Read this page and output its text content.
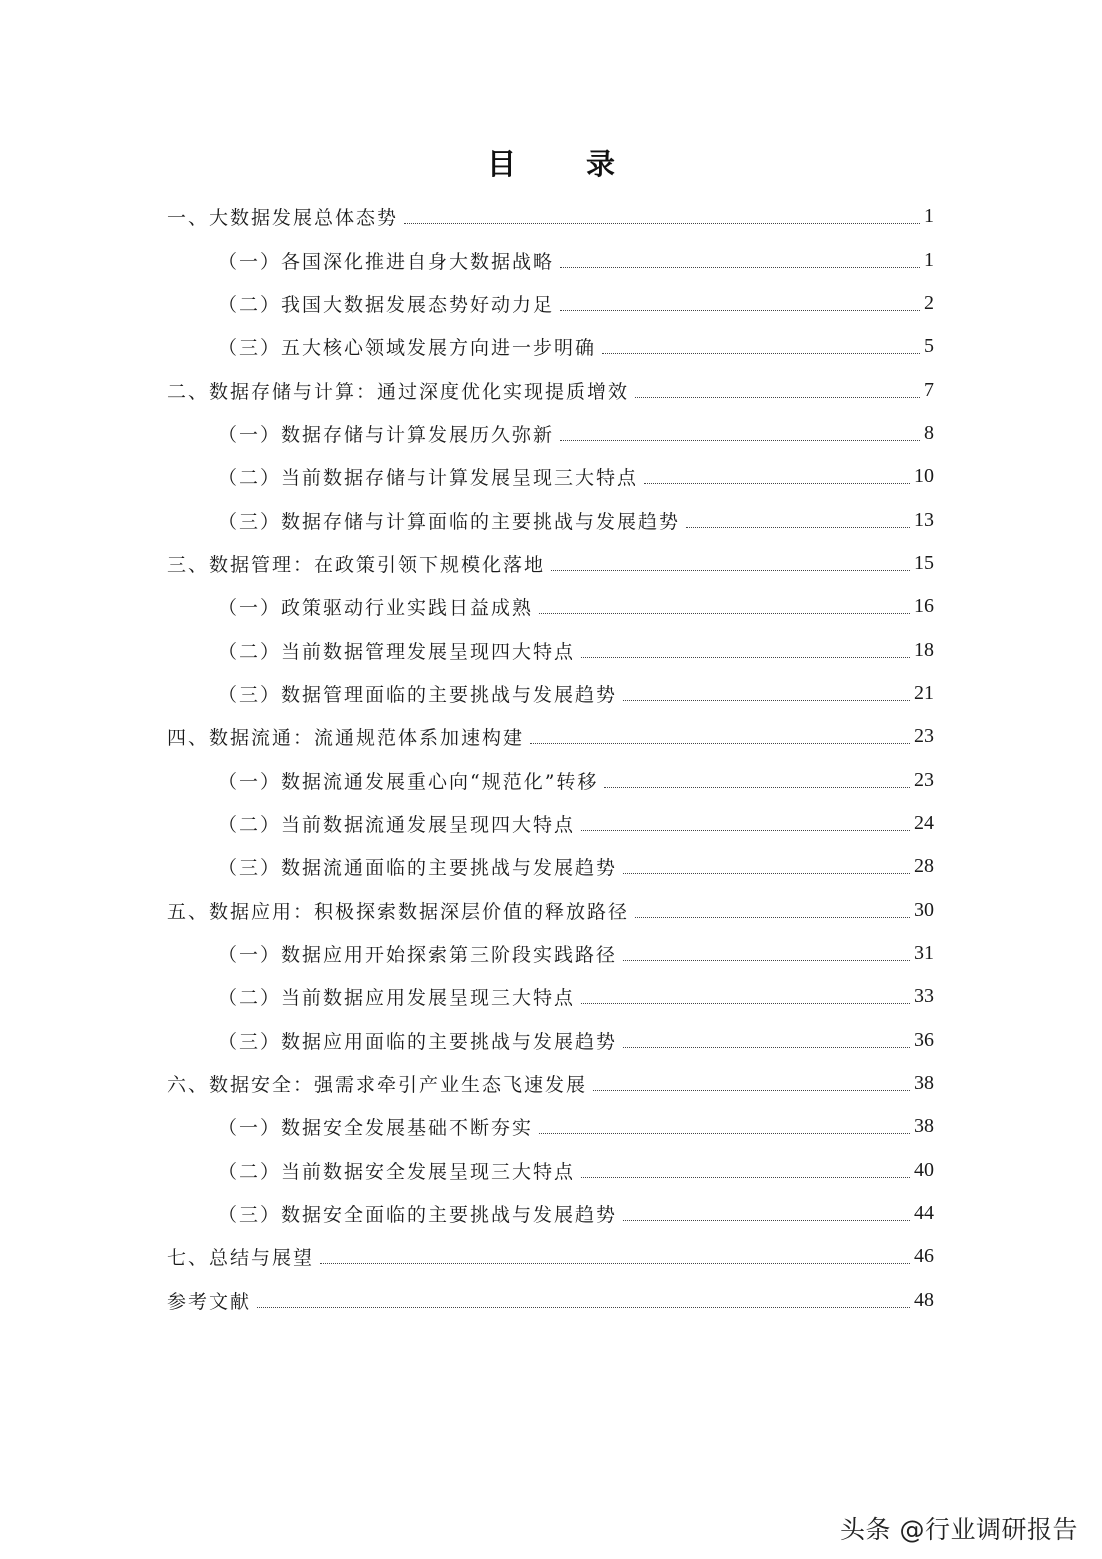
目 录
一、大数据发展总体态势	1
（一）各国深化推进自身大数据战略	1
（二）我国大数据发展态势好动力足	2
（三）五大核心领域发展方向进一步明确	5
二、数据存储与计算：通过深度优化实现提质增效	7
（一）数据存储与计算发展历久弥新	8
（二）当前数据存储与计算发展呈现三大特点	10
（三）数据存储与计算面临的主要挑战与发展趋势	13
三、数据管理：在政策引领下规模化落地	15
（一）政策驱动行业实践日益成熟	16
（二）当前数据管理发展呈现四大特点	18
（三）数据管理面临的主要挑战与发展趋势	21
四、数据流通：流通规范体系加速构建	23
（一）数据流通发展重心向“规范化”转移	23
（二）当前数据流通发展呈现四大特点	24
（三）数据流通面临的主要挑战与发展趋势	28
五、数据应用：积极探索数据深层价值的释放路径	30
（一）数据应用开始探索第三阶段实践路径	31
（二）当前数据应用发展呈现三大特点	33
（三）数据应用面临的主要挑战与发展趋势	36
六、数据安全：强需求牵引产业生态飞速发展	38
（一）数据安全发展基础不断夯实	38
（二）当前数据安全发展呈现三大特点	40
（三）数据安全面临的主要挑战与发展趋势	44
七、总结与展望	46
参考文献	48
头条 @行业调研报告
